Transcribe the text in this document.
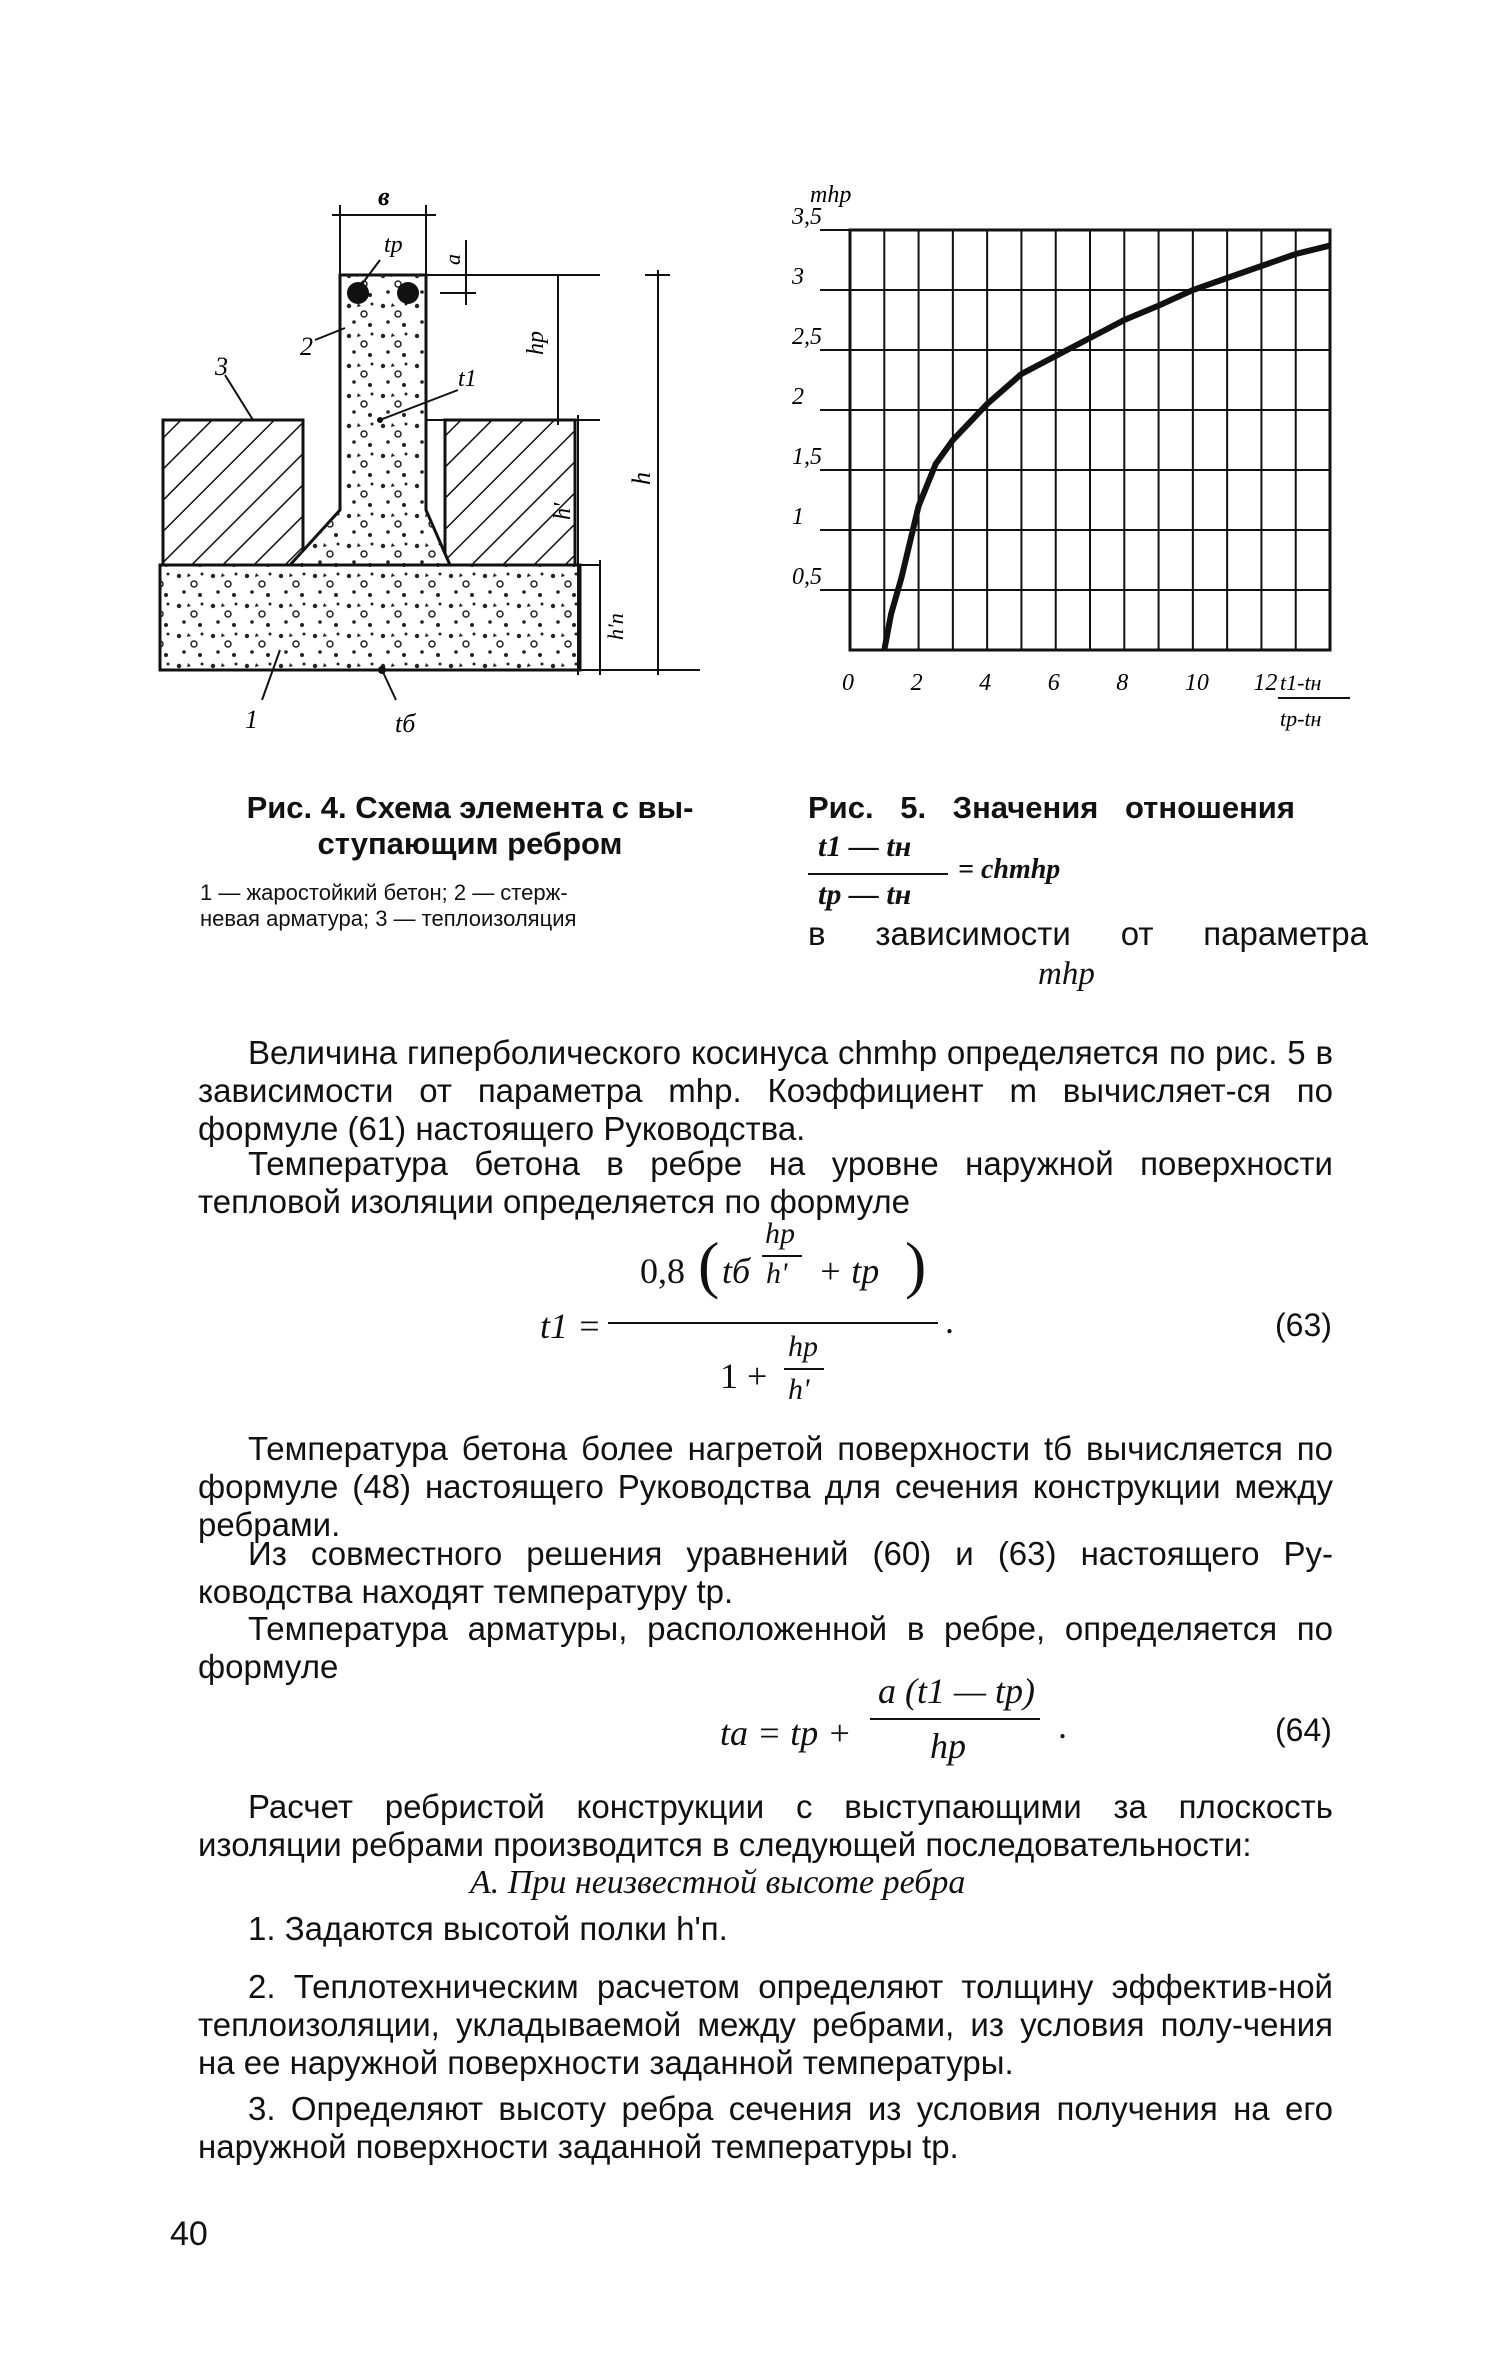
в
tр
a
hр
h
h'
h'п
t1
2
3
1	tб
Рис. 4. Схема элемента с вы-
ступающим ребром
1 — жаростойкий бетон; 2 — стерж-
невая арматура; 3 — теплоизоляция
0 2 4 6 8 10 12
0,5
1
1,5
2
2,5
3
3,5
mhр
t1-tн
tр-tн
Рис. 5. Значения отношения
t1 — tн
tр — tн
= chmhр
в зависимости от параметра
mhр
Величина гиперболического косинуса chmhр определяется по рис. 5 в зависимости от параметра mhр. Коэффициент m вычисляет-ся по формуле (61) настоящего Руководства.
Температура бетона в ребре на уровне наружной поверхности тепловой изоляции определяется по формуле
t1 =
0,8 ( tб
hр
h' + tр )
1 +
hр
h'
.	(63)
Температура бетона более нагретой поверхности tб вычисляется по формуле (48) настоящего Руководства для сечения конструкции между ребрами.
Из совместного решения уравнений (60) и (63) настоящего Ру-ководства находят температуру tр.
Температура арматуры, расположенной в ребре, определяется по формуле
tа = tр +
a (t1 — tр)
hр	.	(64)
Расчет ребристой конструкции с выступающими за плоскость изоляции ребрами производится в следующей последовательности:
А. При неизвестной высоте ребра
1. Задаются высотой полки h'п.
2. Теплотехническим расчетом определяют толщину эффектив-ной теплоизоляции, укладываемой между ребрами, из условия полу-чения на ее наружной поверхности заданной температуры.
3. Определяют высоту ребра сечения из условия получения на его наружной поверхности заданной температуры tр.
40
